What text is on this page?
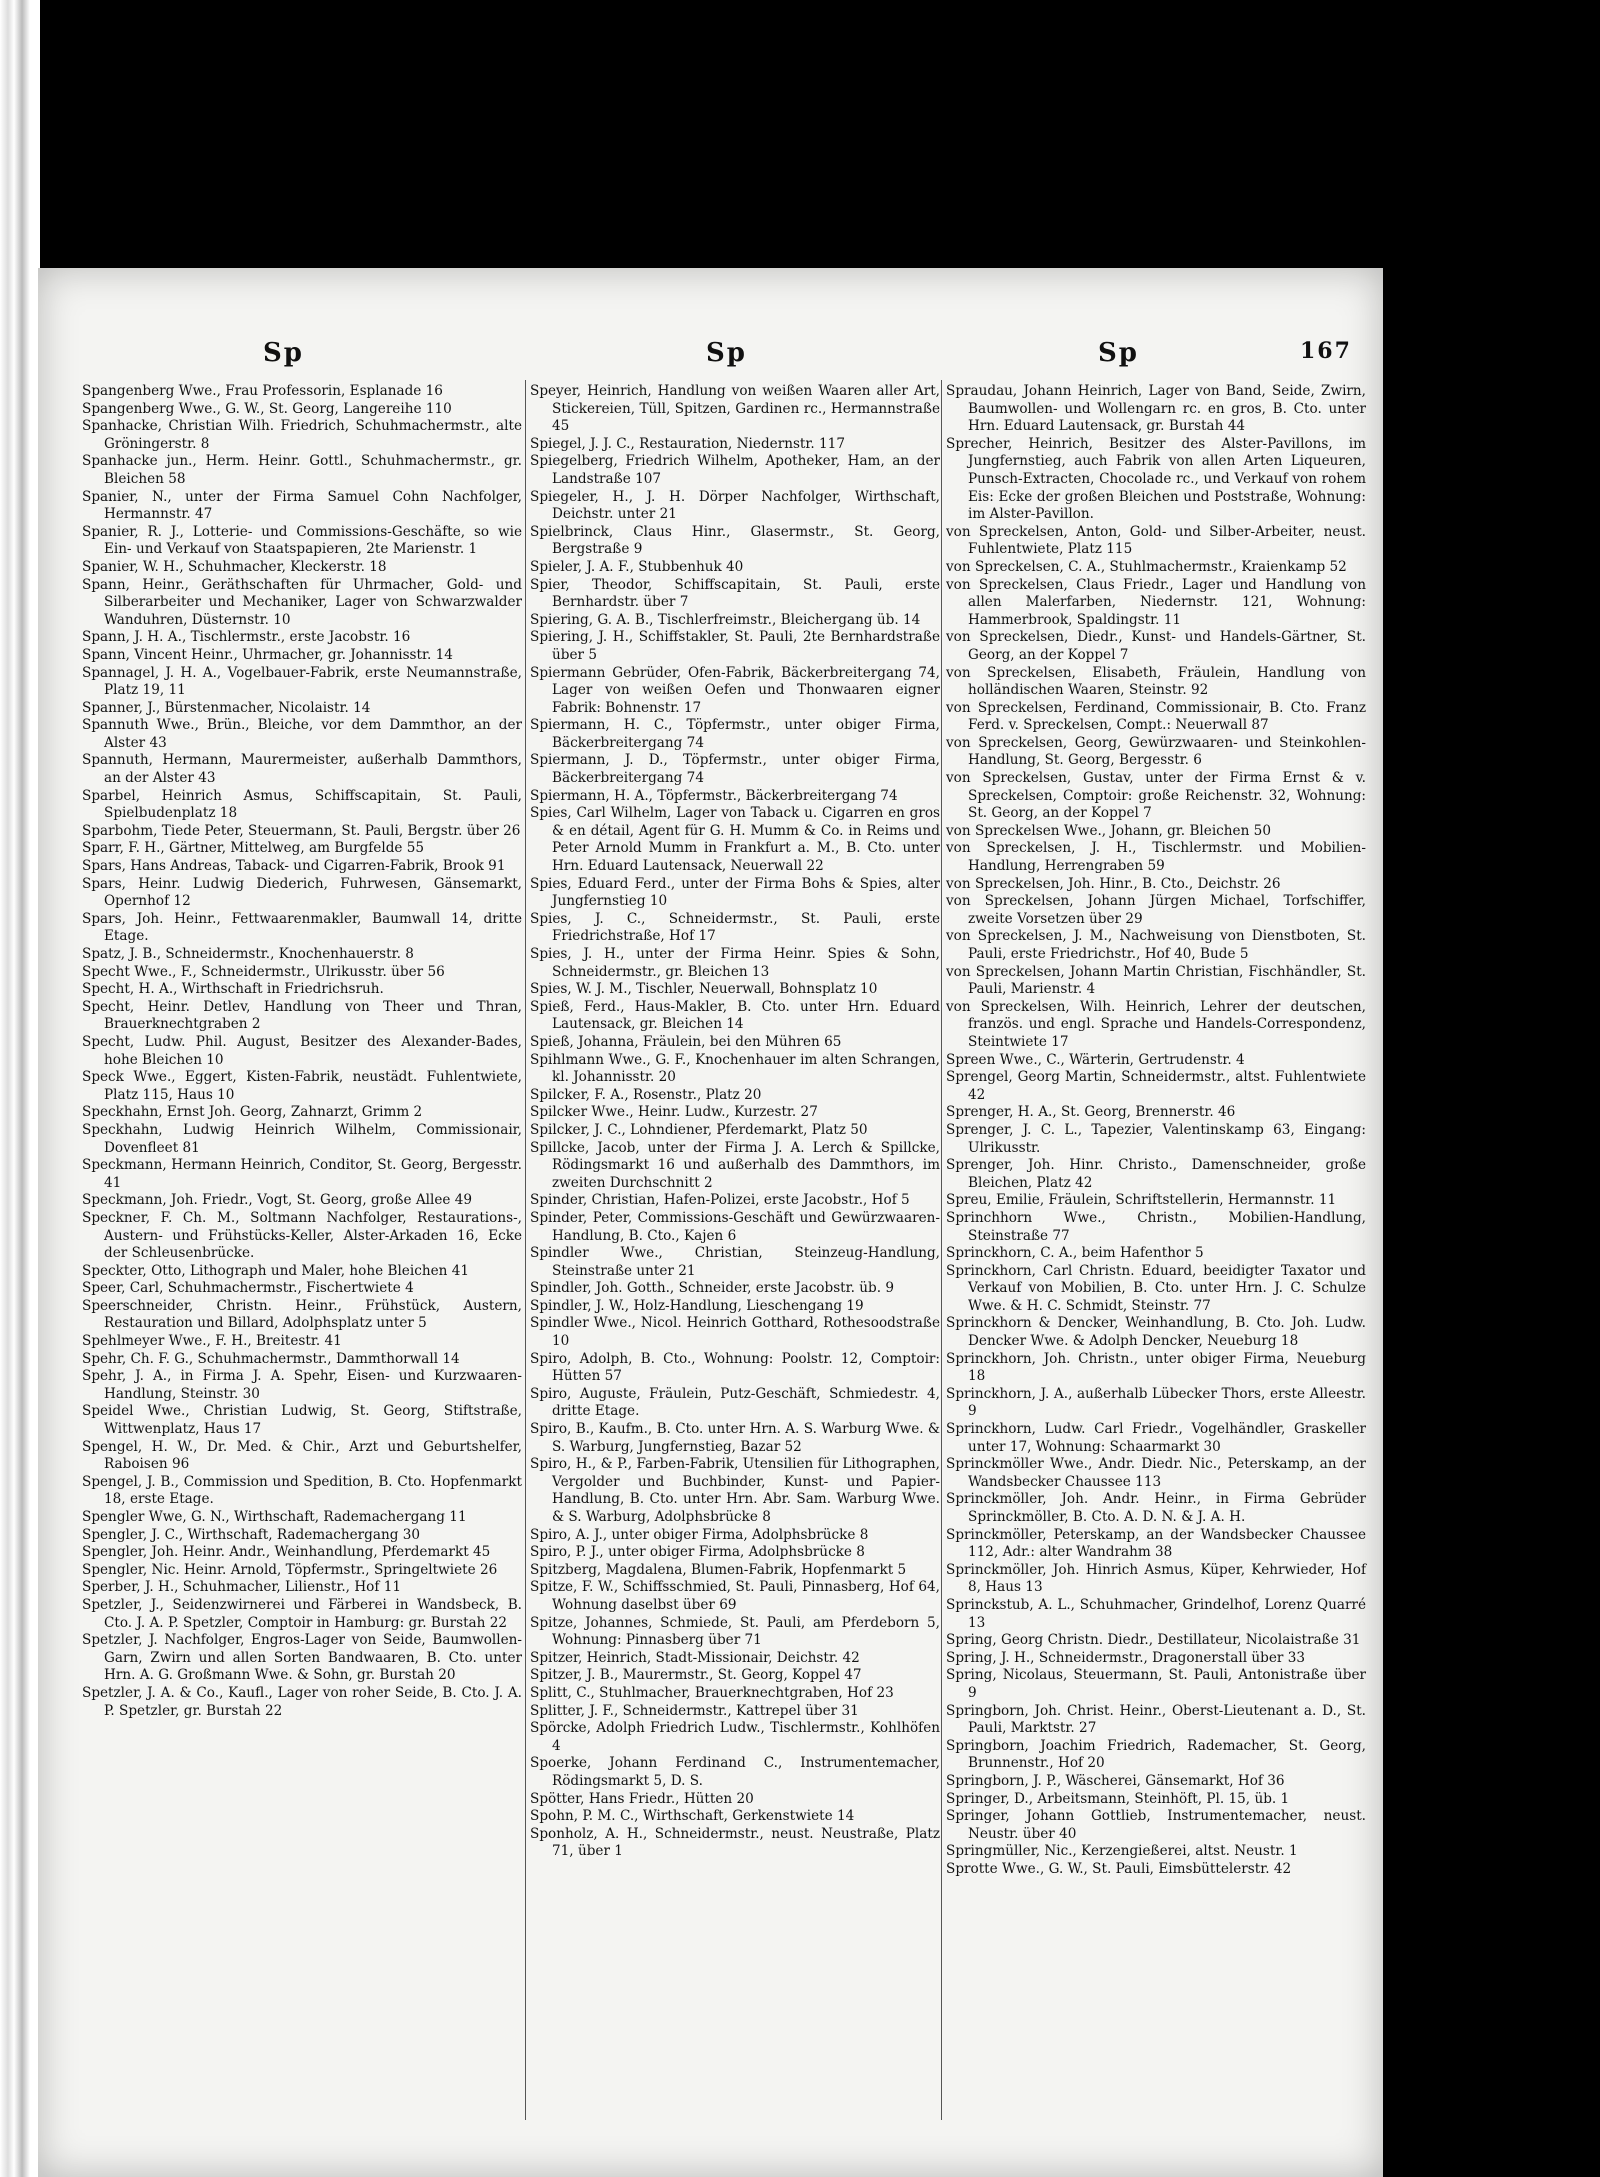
Sp	Sp	Sp	167

Spangenberg Wwe., Frau Professorin, Esplanade 16

Spangenberg Wwe., G. W., St. Georg, Langereihe 110

Spanhacke, Christian Wilh. Friedrich, Schuhmachermstr., alte Gröningerstr. 8

Spanhacke jun., Herm. Heinr. Gottl., Schuhmachermstr., gr. Bleichen 58

Spanier, N., unter der Firma Samuel Cohn Nachfolger, Hermannstr. 47

Spanier, R. J., Lotterie- und Commissions-Geschäfte, so wie Ein- und Verkauf von Staatspapieren, 2te Marienstr. 1

Spanier, W. H., Schuhmacher, Kleckerstr. 18

Spann, Heinr., Geräthschaften für Uhrmacher, Gold- und Silberarbeiter und Mechaniker, Lager von Schwarzwalder Wanduhren, Düsternstr. 10

Spann, J. H. A., Tischlermstr., erste Jacobstr. 16

Spann, Vincent Heinr., Uhrmacher, gr. Johannisstr. 14

Spannagel, J. H. A., Vogelbauer-Fabrik, erste Neumannstraße, Platz 19, 11

Spanner, J., Bürstenmacher, Nicolaistr. 14

Spannuth Wwe., Brün., Bleiche, vor dem Dammthor, an der Alster 43

Spannuth, Hermann, Maurermeister, außerhalb Dammthors, an der Alster 43

Sparbel, Heinrich Asmus, Schiffscapitain, St. Pauli, Spielbudenplatz 18

Sparbohm, Tiede Peter, Steuermann, St. Pauli, Bergstr. über 26

Sparr, F. H., Gärtner, Mittelweg, am Burgfelde 55

Spars, Hans Andreas, Taback- und Cigarren-Fabrik, Brook 91

Spars, Heinr. Ludwig Diederich, Fuhrwesen, Gänsemarkt, Opernhof 12

Spars, Joh. Heinr., Fettwaarenmakler, Baumwall 14, dritte Etage.

Spatz, J. B., Schneidermstr., Knochenhauerstr. 8

Specht Wwe., F., Schneidermstr., Ulrikusstr. über 56

Specht, H. A., Wirthschaft in Friedrichsruh.

Specht, Heinr. Detlev, Handlung von Theer und Thran, Brauerknechtgraben 2

Specht, Ludw. Phil. August, Besitzer des Alexander-Bades, hohe Bleichen 10

Speck Wwe., Eggert, Kisten-Fabrik, neustädt. Fuhlentwiete, Platz 115, Haus 10

Speckhahn, Ernst Joh. Georg, Zahnarzt, Grimm 2

Speckhahn, Ludwig Heinrich Wilhelm, Commissionair, Dovenfleet 81

Speckmann, Hermann Heinrich, Conditor, St. Georg, Bergesstr. 41

Speckmann, Joh. Friedr., Vogt, St. Georg, große Allee 49

Speckner, F. Ch. M., Soltmann Nachfolger, Restaurations-, Austern- und Frühstücks-Keller, Alster-Arkaden 16, Ecke der Schleusenbrücke.

Speckter, Otto, Lithograph und Maler, hohe Bleichen 41

Speer, Carl, Schuhmachermstr., Fischertwiete 4

Speerschneider, Christn. Heinr., Frühstück, Austern, Restauration und Billard, Adolphsplatz unter 5

Spehlmeyer Wwe., F. H., Breitestr. 41

Spehr, Ch. F. G., Schuhmachermstr., Dammthorwall 14

Spehr, J. A., in Firma J. A. Spehr, Eisen- und Kurzwaaren-Handlung, Steinstr. 30

Speidel Wwe., Christian Ludwig, St. Georg, Stiftstraße, Wittwenplatz, Haus 17

Spengel, H. W., Dr. Med. & Chir., Arzt und Geburtshelfer, Raboisen 96

Spengel, J. B., Commission und Spedition, B. Cto. Hopfenmarkt 18, erste Etage.

Spengler Wwe, G. N., Wirthschaft, Rademachergang 11

Spengler, J. C., Wirthschaft, Rademachergang 30

Spengler, Joh. Heinr. Andr., Weinhandlung, Pferdemarkt 45

Spengler, Nic. Heinr. Arnold, Töpfermstr., Springeltwiete 26

Sperber, J. H., Schuhmacher, Lilienstr., Hof 11

Spetzler, J., Seidenzwirnerei und Färberei in Wandsbeck, B. Cto. J. A. P. Spetzler, Comptoir in Hamburg: gr. Burstah 22

Spetzler, J. Nachfolger, Engros-Lager von Seide, Baumwollen-Garn, Zwirn und allen Sorten Bandwaaren, B. Cto. unter Hrn. A. G. Großmann Wwe. & Sohn, gr. Burstah 20

Spetzler, J. A. & Co., Kaufl., Lager von roher Seide, B. Cto. J. A. P. Spetzler, gr. Burstah 22

Speyer, Heinrich, Handlung von weißen Waaren aller Art, Stickereien, Tüll, Spitzen, Gardinen rc., Hermannstraße 45

Spiegel, J. J. C., Restauration, Niedernstr. 117

Spiegelberg, Friedrich Wilhelm, Apotheker, Ham, an der Landstraße 107

Spiegeler, H., J. H. Dörper Nachfolger, Wirthschaft, Deichstr. unter 21

Spielbrinck, Claus Hinr., Glasermstr., St. Georg, Bergstraße 9

Spieler, J. A. F., Stubbenhuk 40

Spier, Theodor, Schiffscapitain, St. Pauli, erste Bernhardstr. über 7

Spiering, G. A. B., Tischlerfreimstr., Bleichergang üb. 14

Spiering, J. H., Schiffstakler, St. Pauli, 2te Bernhardstraße über 5

Spiermann Gebrüder, Ofen-Fabrik, Bäckerbreitergang 74, Lager von weißen Oefen und Thonwaaren eigner Fabrik: Bohnenstr. 17

Spiermann, H. C., Töpfermstr., unter obiger Firma, Bäckerbreitergang 74

Spiermann, J. D., Töpfermstr., unter obiger Firma, Bäckerbreitergang 74

Spiermann, H. A., Töpfermstr., Bäckerbreitergang 74

Spies, Carl Wilhelm, Lager von Taback u. Cigarren en gros & en détail, Agent für G. H. Mumm & Co. in Reims und Peter Arnold Mumm in Frankfurt a. M., B. Cto. unter Hrn. Eduard Lautensack, Neuerwall 22

Spies, Eduard Ferd., unter der Firma Bohs & Spies, alter Jungfernstieg 10

Spies, J. C., Schneidermstr., St. Pauli, erste Friedrichstraße, Hof 17

Spies, J. H., unter der Firma Heinr. Spies & Sohn, Schneidermstr., gr. Bleichen 13

Spies, W. J. M., Tischler, Neuerwall, Bohnsplatz 10

Spieß, Ferd., Haus-Makler, B. Cto. unter Hrn. Eduard Lautensack, gr. Bleichen 14

Spieß, Johanna, Fräulein, bei den Mühren 65

Spihlmann Wwe., G. F., Knochenhauer im alten Schrangen, kl. Johannisstr. 20

Spilcker, F. A., Rosenstr., Platz 20

Spilcker Wwe., Heinr. Ludw., Kurzestr. 27

Spilcker, J. C., Lohndiener, Pferdemarkt, Platz 50

Spillcke, Jacob, unter der Firma J. A. Lerch & Spillcke, Rödingsmarkt 16 und außerhalb des Dammthors, im zweiten Durchschnitt 2

Spinder, Christian, Hafen-Polizei, erste Jacobstr., Hof 5

Spinder, Peter, Commissions-Geschäft und Gewürzwaaren-Handlung, B. Cto., Kajen 6

Spindler Wwe., Christian, Steinzeug-Handlung, Steinstraße unter 21

Spindler, Joh. Gotth., Schneider, erste Jacobstr. üb. 9

Spindler, J. W., Holz-Handlung, Lieschengang 19

Spindler Wwe., Nicol. Heinrich Gotthard, Rothesoodstraße 10

Spiro, Adolph, B. Cto., Wohnung: Poolstr. 12, Comptoir: Hütten 57

Spiro, Auguste, Fräulein, Putz-Geschäft, Schmiedestr. 4, dritte Etage.

Spiro, B., Kaufm., B. Cto. unter Hrn. A. S. Warburg Wwe. & S. Warburg, Jungfernstieg, Bazar 52

Spiro, H., & P., Farben-Fabrik, Utensilien für Lithographen, Vergolder und Buchbinder, Kunst- und Papier-Handlung, B. Cto. unter Hrn. Abr. Sam. Warburg Wwe. & S. Warburg, Adolphsbrücke 8

Spiro, A. J., unter obiger Firma, Adolphsbrücke 8

Spiro, P. J., unter obiger Firma, Adolphsbrücke 8

Spitzberg, Magdalena, Blumen-Fabrik, Hopfenmarkt 5

Spitze, F. W., Schiffsschmied, St. Pauli, Pinnasberg, Hof 64, Wohnung daselbst über 69

Spitze, Johannes, Schmiede, St. Pauli, am Pferdeborn 5, Wohnung: Pinnasberg über 71

Spitzer, Heinrich, Stadt-Missionair, Deichstr. 42

Spitzer, J. B., Maurermstr., St. Georg, Koppel 47

Splitt, C., Stuhlmacher, Brauerknechtgraben, Hof 23

Splitter, J. F., Schneidermstr., Kattrepel über 31

Spörcke, Adolph Friedrich Ludw., Tischlermstr., Kohlhöfen 4

Spoerke, Johann Ferdinand C., Instrumentemacher, Rödingsmarkt 5, D. S.

Spötter, Hans Friedr., Hütten 20

Spohn, P. M. C., Wirthschaft, Gerkenstwiete 14

Sponholz, A. H., Schneidermstr., neust. Neustraße, Platz 71, über 1

Spraudau, Johann Heinrich, Lager von Band, Seide, Zwirn, Baumwollen- und Wollengarn rc. en gros, B. Cto. unter Hrn. Eduard Lautensack, gr. Burstah 44

Sprecher, Heinrich, Besitzer des Alster-Pavillons, im Jungfernstieg, auch Fabrik von allen Arten Liqueuren, Punsch-Extracten, Chocolade rc., und Verkauf von rohem Eis: Ecke der großen Bleichen und Poststraße, Wohnung: im Alster-Pavillon.

von Spreckelsen, Anton, Gold- und Silber-Arbeiter, neust. Fuhlentwiete, Platz 115

von Spreckelsen, C. A., Stuhlmachermstr., Kraienkamp 52

von Spreckelsen, Claus Friedr., Lager und Handlung von allen Malerfarben, Niedernstr. 121, Wohnung: Hammerbrook, Spaldingstr. 11

von Spreckelsen, Diedr., Kunst- und Handels-Gärtner, St. Georg, an der Koppel 7

von Spreckelsen, Elisabeth, Fräulein, Handlung von holländischen Waaren, Steinstr. 92

von Spreckelsen, Ferdinand, Commissionair, B. Cto. Franz Ferd. v. Spreckelsen, Compt.: Neuerwall 87

von Spreckelsen, Georg, Gewürzwaaren- und Steinkohlen-Handlung, St. Georg, Bergesstr. 6

von Spreckelsen, Gustav, unter der Firma Ernst & v. Spreckelsen, Comptoir: große Reichenstr. 32, Wohnung: St. Georg, an der Koppel 7

von Spreckelsen Wwe., Johann, gr. Bleichen 50

von Spreckelsen, J. H., Tischlermstr. und Mobilien-Handlung, Herrengraben 59

von Spreckelsen, Joh. Hinr., B. Cto., Deichstr. 26

von Spreckelsen, Johann Jürgen Michael, Torfschiffer, zweite Vorsetzen über 29

von Spreckelsen, J. M., Nachweisung von Dienstboten, St. Pauli, erste Friedrichstr., Hof 40, Bude 5

von Spreckelsen, Johann Martin Christian, Fischhändler, St. Pauli, Marienstr. 4

von Spreckelsen, Wilh. Heinrich, Lehrer der deutschen, französ. und engl. Sprache und Handels-Correspondenz, Steintwiete 17

Spreen Wwe., C., Wärterin, Gertrudenstr. 4

Sprengel, Georg Martin, Schneidermstr., altst. Fuhlentwiete 42

Sprenger, H. A., St. Georg, Brennerstr. 46

Sprenger, J. C. L., Tapezier, Valentinskamp 63, Eingang: Ulrikusstr.

Sprenger, Joh. Hinr. Christo., Damenschneider, große Bleichen, Platz 42

Spreu, Emilie, Fräulein, Schriftstellerin, Hermannstr. 11

Sprinchhorn Wwe., Christn., Mobilien-Handlung, Steinstraße 77

Sprinckhorn, C. A., beim Hafenthor 5

Sprinckhorn, Carl Christn. Eduard, beeidigter Taxator und Verkauf von Mobilien, B. Cto. unter Hrn. J. C. Schulze Wwe. & H. C. Schmidt, Steinstr. 77

Sprinckhorn & Dencker, Weinhandlung, B. Cto. Joh. Ludw. Dencker Wwe. & Adolph Dencker, Neueburg 18

Sprinckhorn, Joh. Christn., unter obiger Firma, Neueburg 18

Sprinckhorn, J. A., außerhalb Lübecker Thors, erste Alleestr. 9

Sprinckhorn, Ludw. Carl Friedr., Vogelhändler, Graskeller unter 17, Wohnung: Schaarmarkt 30

Sprinckmöller Wwe., Andr. Diedr. Nic., Peterskamp, an der Wandsbecker Chaussee 113

Sprinckmöller, Joh. Andr. Heinr., in Firma Gebrüder Sprinckmöller, B. Cto. A. D. N. & J. A. H.

Sprinckmöller, Peterskamp, an der Wandsbecker Chaussee 112, Adr.: alter Wandrahm 38

Sprinckmöller, Joh. Hinrich Asmus, Küper, Kehrwieder, Hof 8, Haus 13

Sprinckstub, A. L., Schuhmacher, Grindelhof, Lorenz Quarré 13

Spring, Georg Christn. Diedr., Destillateur, Nicolaistraße 31

Spring, J. H., Schneidermstr., Dragonerstall über 33

Spring, Nicolaus, Steuermann, St. Pauli, Antonistraße über 9

Springborn, Joh. Christ. Heinr., Oberst-Lieutenant a. D., St. Pauli, Marktstr. 27

Springborn, Joachim Friedrich, Rademacher, St. Georg, Brunnenstr., Hof 20

Springborn, J. P., Wäscherei, Gänsemarkt, Hof 36

Springer, D., Arbeitsmann, Steinhöft, Pl. 15, üb. 1

Springer, Johann Gottlieb, Instrumentemacher, neust. Neustr. über 40

Springmüller, Nic., Kerzengießerei, altst. Neustr. 1

Sprotte Wwe., G. W., St. Pauli, Eimsbüttelerstr. 42
